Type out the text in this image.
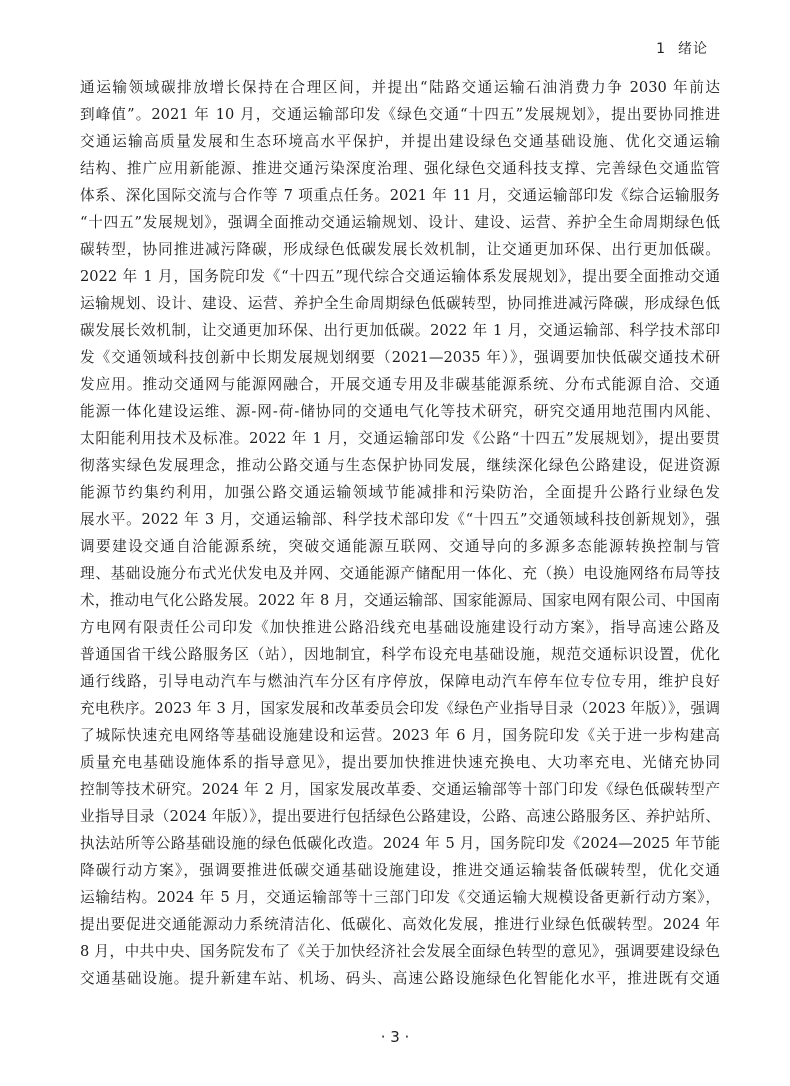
1 绪论
通运输领域碳排放增长保持在合理区间，并提出“陆路交通运输石油消费力争 2030 年前达
到峰值”。2021 年 10 月，交通运输部印发《绿色交通“十四五”发展规划》，提出要协同推进
交通运输高质量发展和生态环境高水平保护，并提出建设绿色交通基础设施、优化交通运输
结构、推广应用新能源、推进交通污染深度治理、强化绿色交通科技支撑、完善绿色交通监管
体系、深化国际交流与合作等 7 项重点任务。2021 年 11 月，交通运输部印发《综合运输服务
“十四五”发展规划》，强调全面推动交通运输规划、设计、建设、运营、养护全生命周期绿色低
碳转型，协同推进减污降碳，形成绿色低碳发展长效机制，让交通更加环保、出行更加低碳。
2022 年 1 月，国务院印发《“十四五”现代综合交通运输体系发展规划》，提出要全面推动交通
运输规划、设计、建设、运营、养护全生命周期绿色低碳转型，协同推进减污降碳，形成绿色低
碳发展长效机制，让交通更加环保、出行更加低碳。2022 年 1 月，交通运输部、科学技术部印
发《交通领域科技创新中长期发展规划纲要（2021—2035 年）》，强调要加快低碳交通技术研
发应用。推动交通网与能源网融合，开展交通专用及非碳基能源系统、分布式能源自洽、交通
能源一体化建设运维、源-网-荷-储协同的交通电气化等技术研究，研究交通用地范围内风能、
太阳能利用技术及标准。2022 年 1 月，交通运输部印发《公路“十四五”发展规划》，提出要贯
彻落实绿色发展理念，推动公路交通与生态保护协同发展，继续深化绿色公路建设，促进资源
能源节约集约利用，加强公路交通运输领域节能减排和污染防治，全面提升公路行业绿色发
展水平。2022 年 3 月，交通运输部、科学技术部印发《“十四五”交通领域科技创新规划》，强
调要建设交通自洽能源系统，突破交通能源互联网、交通导向的多源多态能源转换控制与管
理、基础设施分布式光伏发电及并网、交通能源产储配用一体化、充（换）电设施网络布局等技
术，推动电气化公路发展。2022 年 8 月，交通运输部、国家能源局、国家电网有限公司、中国南
方电网有限责任公司印发《加快推进公路沿线充电基础设施建设行动方案》，指导高速公路及
普通国省干线公路服务区（站），因地制宜，科学布设充电基础设施，规范交通标识设置，优化
通行线路，引导电动汽车与燃油汽车分区有序停放，保障电动汽车停车位专位专用，维护良好
充电秩序。2023 年 3 月，国家发展和改革委员会印发《绿色产业指导目录（2023 年版）》，强调
了城际快速充电网络等基础设施建设和运营。2023 年 6 月，国务院印发《关于进一步构建高
质量充电基础设施体系的指导意见》，提出要加快推进快速充换电、大功率充电、光储充协同
控制等技术研究。2024 年 2 月，国家发展改革委、交通运输部等十部门印发《绿色低碳转型产
业指导目录（2024 年版）》，提出要进行包括绿色公路建设，公路、高速公路服务区、养护站所、
执法站所等公路基础设施的绿色低碳化改造。2024 年 5 月，国务院印发《2024—2025 年节能
降碳行动方案》，强调要推进低碳交通基础设施建设，推进交通运输装备低碳转型，优化交通
运输结构。2024 年 5 月，交通运输部等十三部门印发《交通运输大规模设备更新行动方案》，
提出要促进交通能源动力系统清洁化、低碳化、高效化发展，推进行业绿色低碳转型。2024 年
8 月，中共中央、国务院发布了《关于加快经济社会发展全面绿色转型的意见》，强调要建设绿色
交通基础设施。提升新建车站、机场、码头、高速公路设施绿色化智能化水平，推进既有交通
· 3 ·
